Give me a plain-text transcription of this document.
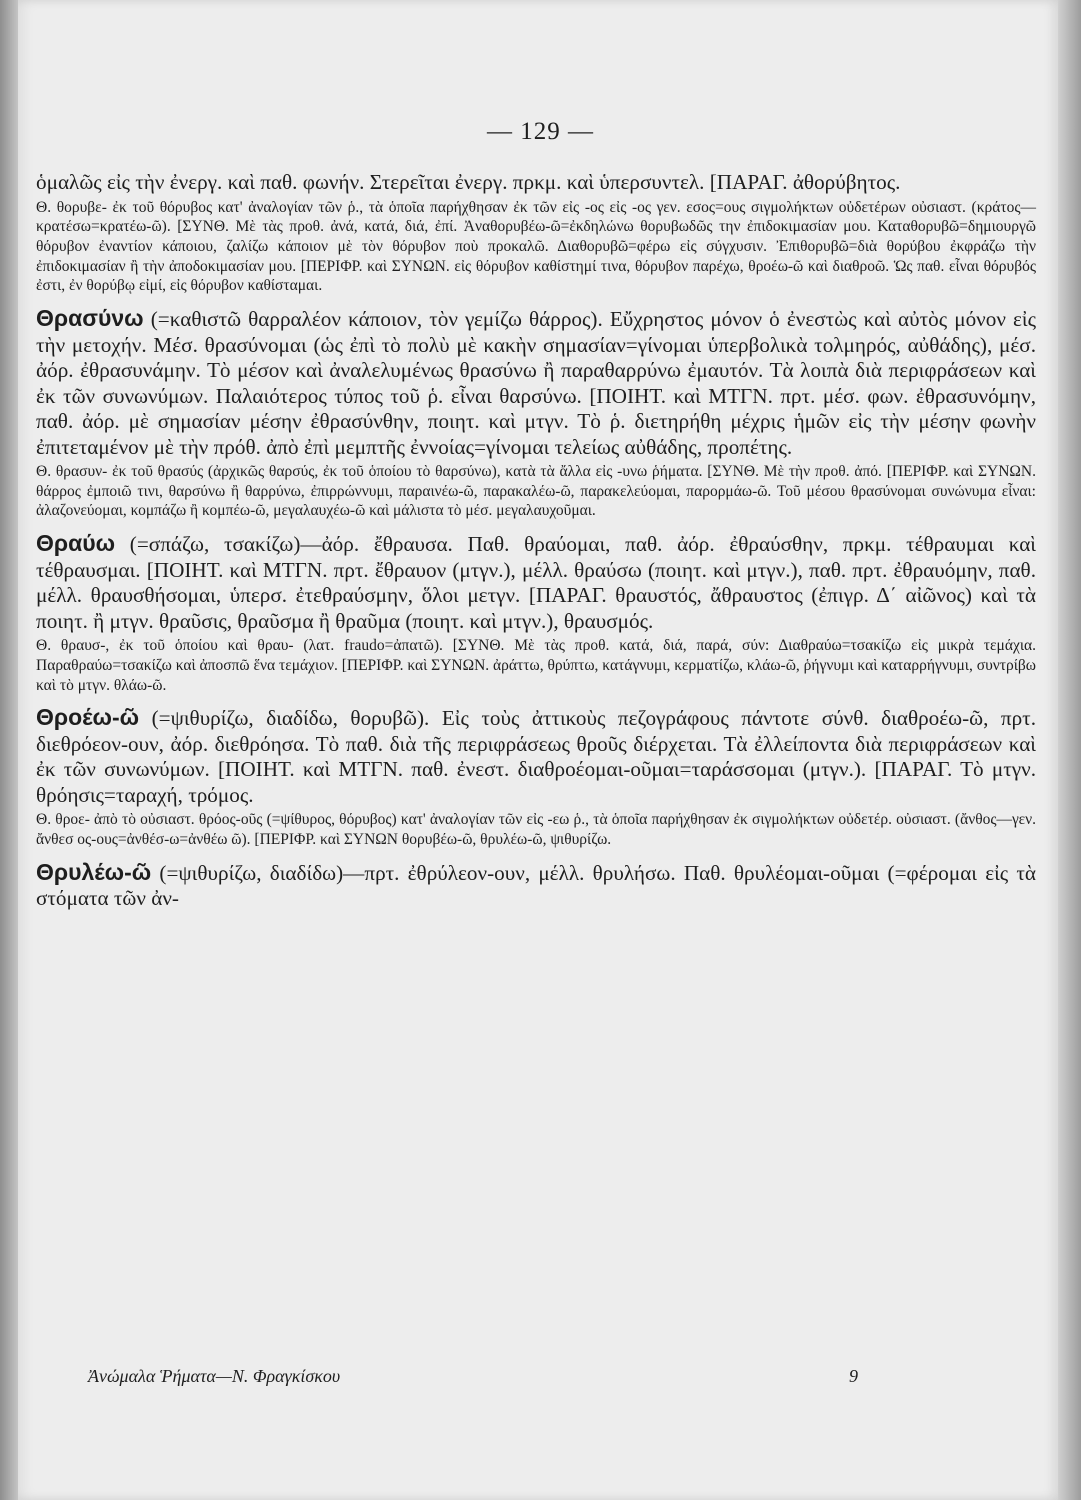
— 129 —

ὁμαλῶς εἰς τὴν ἐνεργ. καὶ παθ. φωνήν. Στερεῖται ἐνεργ. πρκμ. καὶ ὑπερσυντελ. [ΠΑΡΑΓ. ἀθορύβητος.

Θ. θορυβε- ἐκ τοῦ θόρυβος κατ' ἀναλογίαν τῶν ῥ., τὰ ὁποῖα παρήχθησαν ἐκ τῶν εἰς -ος εἰς -ος γεν. εσος=ους σιγμολήκτων οὐδετέρων οὐσιαστ. (κράτος—κρατέσω=κρατέω-ῶ). [ΣΥΝΘ. Μὲ τὰς προθ. ἀνά, κατά, διά, ἐπί. Ἀναθορυβέω-ῶ=ἐκδηλώνω θορυβωδῶς την ἐπιδοκιμασίαν μου. Καταθορυβῶ=δημιουργῶ θόρυβον ἐναντίον κάποιου, ζαλίζω κάποιον μὲ τὸν θόρυβον ποὺ προκαλῶ. Διαθορυβῶ=φέρω εἰς σύγχυσιν. Ἐπιθορυβῶ=διὰ θορύβου ἐκφράζω τὴν ἐπιδοκιμασίαν ἢ τὴν ἀποδοκιμασίαν μου. [ΠΕΡΙΦΡ. καὶ ΣΥΝΩΝ. εἰς θόρυβον καθίστημί τινα, θόρυβον παρέχω, θροέω-ῶ καὶ διαθροῶ. Ὡς παθ. εἶναι θόρυβός ἐστι, ἐν θορύβῳ εἰμί, εἰς θόρυβον καθίσταμαι.

Θρασύνω (=καθιστῶ θαρραλέον κάποιον, τὸν γεμίζω θάρρος). Εὔχρηστος μόνον ὁ ἐνεστὼς καὶ αὐτὸς μόνον εἰς τὴν μετοχήν. Μέσ. θρασύνομαι (ὡς ἐπὶ τὸ πολὺ μὲ κακὴν σημασίαν=γίνομαι ὑπερβολικὰ τολμηρός, αὐθάδης), μέσ. ἀόρ. ἐθρασυνάμην. Τὸ μέσον καὶ ἀναλελυμένως θρασύνω ἢ παραθαρρύνω ἐμαυτόν. Τὰ λοιπὰ διὰ περιφράσεων καὶ ἐκ τῶν συνωνύμων. Παλαιότερος τύπος τοῦ ῥ. εἶναι θαρσύνω. [ΠΟΙΗΤ. καὶ ΜΤΓΝ. πρτ. μέσ. φων. ἐθρασυνόμην, παθ. ἀόρ. μὲ σημασίαν μέσην ἐθρασύνθην, ποιητ. καὶ μτγν. Τὸ ῥ. διετηρήθη μέχρις ἡμῶν εἰς τὴν μέσην φωνὴν ἐπιτεταμένον μὲ τὴν πρόθ. ἀπὸ ἐπὶ μεμπτῆς ἐννοίας=γίνομαι τελείως αὐθάδης, προπέτης.

Θ. θρασυν- ἐκ τοῦ θρασύς (ἀρχικῶς θαρσύς, ἐκ τοῦ ὁποίου τὸ θαρσύνω), κατὰ τὰ ἄλλα εἰς -υνω ῥήματα. [ΣΥΝΘ. Μὲ τὴν προθ. ἀπό. [ΠΕΡΙΦΡ. καὶ ΣΥΝΩΝ. θάρρος ἐμποιῶ τινι, θαρσύνω ἢ θαρρύνω, ἐπιρρώννυμι, παραινέω-ῶ, παρακαλέω-ῶ, παρακελεύομαι, παρορμάω-ῶ. Τοῦ μέσου θρασύνομαι συνώνυμα εἶναι: ἀλαζονεύομαι, κομπάζω ἢ κομπέω-ῶ, μεγαλαυχέω-ῶ καὶ μάλιστα τὸ μέσ. μεγαλαυχοῦμαι.

Θραύω (=σπάζω, τσακίζω)—ἀόρ. ἔθραυσα. Παθ. θραύομαι, παθ. ἀόρ. ἐθραύσθην, πρκμ. τέθραυμαι καὶ τέθραυσμαι. [ΠΟΙΗΤ. καὶ ΜΤΓΝ. πρτ. ἔθραυον (μτγν.), μέλλ. θραύσω (ποιητ. καὶ μτγν.), παθ. πρτ. ἐθραυόμην, παθ. μέλλ. θραυσθήσομαι, ὑπερσ. ἐτεθραύσμην, ὅλοι μετγν. [ΠΑΡΑΓ. θραυστός, ἄθραυστος (ἐπιγρ. Δ΄ αἰῶνος) καὶ τὰ ποιητ. ἢ μτγν. θραῦσις, θραῦσμα ἢ θραῦμα (ποιητ. καὶ μτγν.), θραυσμός.

Θ. θραυσ-, ἐκ τοῦ ὁποίου καὶ θραυ- (λατ. fraudo=ἀπατῶ). [ΣΥΝΘ. Μὲ τὰς προθ. κατά, διά, παρά, σύν: Διαθραύω=τσακίζω εἰς μικρὰ τεμάχια. Παραθραύω=τσακίζω καὶ ἀποσπῶ ἕνα τεμάχιον. [ΠΕΡΙΦΡ. καὶ ΣΥΝΩΝ. ἀράττω, θρύπτω, κατάγνυμι, κερματίζω, κλάω-ῶ, ῥήγνυμι καὶ καταρρήγνυμι, συντρίβω καὶ τὸ μτγν. θλάω-ῶ.

Θροέω-ῶ (=ψιθυρίζω, διαδίδω, θορυβῶ). Εἰς τοὺς ἀττικοὺς πεζογράφους πάντοτε σύνθ. διαθροέω-ῶ, πρτ. διεθρόεον-ουν, ἀόρ. διεθρόησα. Τὸ παθ. διὰ τῆς περιφράσεως θροῦς διέρχεται. Τὰ ἐλλείποντα διὰ περιφράσεων καὶ ἐκ τῶν συνωνύμων. [ΠΟΙΗΤ. καὶ ΜΤΓΝ. παθ. ἐνεστ. διαθροέομαι-οῦμαι=ταράσσομαι (μτγν.). [ΠΑΡΑΓ. Τὸ μτγν. θρόησις=ταραχή, τρόμος.

Θ. θροε- ἀπὸ τὸ οὐσιαστ. θρόος-οῦς (=ψίθυρος, θόρυβος) κατ' ἀναλογίαν τῶν εἰς -εω ῥ., τὰ ὁποῖα παρήχθησαν ἐκ σιγμολήκτων οὐδετέρ. οὐσιαστ. (ἄνθος—γεν. ἄνθεσ ος-ους=ἀνθέσ-ω=ἀνθέω ῶ). [ΠΕΡΙΦΡ. καὶ ΣΥΝΩΝ θορυβέω-ῶ, θρυλέω-ῶ, ψιθυρίζω.

Θρυλέω-ῶ (=ψιθυρίζω, διαδίδω)—πρτ. ἐθρύλεον-ουν, μέλλ. θρυλήσω. Παθ. θρυλέομαι-οῦμαι (=φέρομαι εἰς τὰ στόματα τῶν ἀν-

Ἀνώμαλα Ῥήματα—Ν. Φραγκίσκου	9
